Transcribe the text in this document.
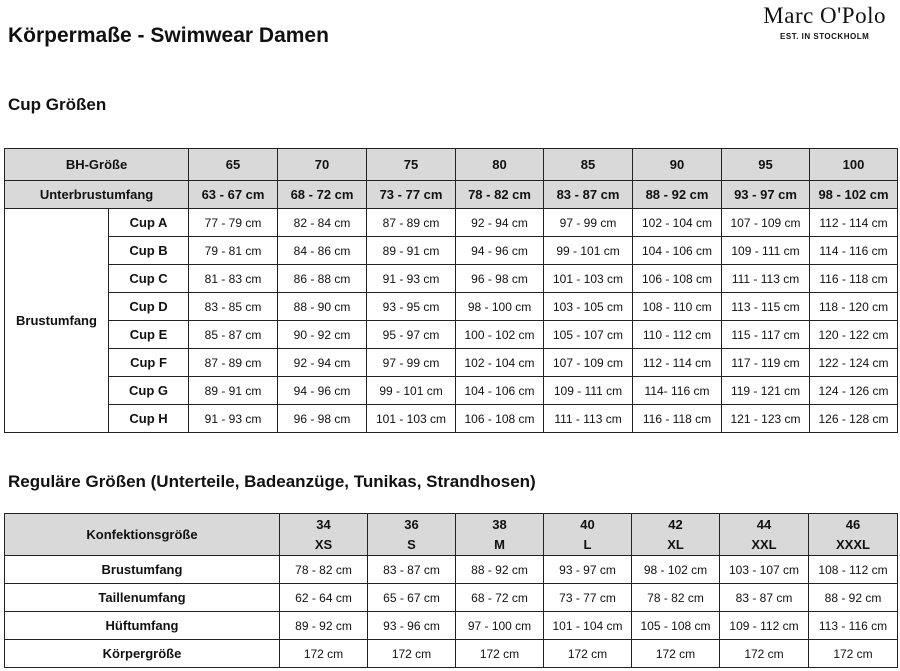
Körpermaße - Swimwear Damen
Marc O'Polo
EST. IN STOCKHOLM
Cup Größen
BH-Größe		65	70	75	80	85	90	95	100
Unterbrustumfang		63 - 67 cm	68 - 72 cm	73 - 77 cm	78 - 82 cm	83 - 87 cm	88 - 92 cm	93 - 97 cm	98 - 102 cm
Brustumfang	Cup A	77 - 79 cm	82 - 84 cm	87 - 89 cm	92 - 94 cm	97 - 99 cm	102 - 104 cm	107 - 109 cm	112 - 114 cm
	Cup B	79 - 81 cm	84 - 86 cm	89 - 91 cm	94 - 96 cm	99 - 101 cm	104 - 106 cm	109 - 111 cm	114 - 116 cm
	Cup C	81 - 83 cm	86 - 88 cm	91 - 93 cm	96 - 98 cm	101 - 103 cm	106 - 108 cm	111 - 113 cm	116 - 118 cm
	Cup D	83 - 85 cm	88 - 90 cm	93 - 95 cm	98 - 100 cm	103 - 105 cm	108 - 110 cm	113 - 115 cm	118 - 120 cm
	Cup E	85 - 87 cm	90 - 92 cm	95 - 97 cm	100 - 102 cm	105 - 107 cm	110 - 112 cm	115 - 117 cm	120 - 122 cm
	Cup F	87 - 89 cm	92 - 94 cm	97 - 99 cm	102 - 104 cm	107 - 109 cm	112 - 114 cm	117 - 119 cm	122 - 124 cm
	Cup G	89 - 91 cm	94 - 96 cm	99 - 101 cm	104 - 106 cm	109 - 111 cm	114- 116 cm	119 - 121 cm	124 - 126 cm
	Cup H	91 - 93 cm	96 - 98 cm	101 - 103 cm	106 - 108 cm	111 - 113 cm	116 - 118 cm	121 - 123 cm	126 - 128 cm
Reguläre Größen (Unterteile, Badeanzüge, Tunikas, Strandhosen)
Konfektionsgröße	34	36	38	40	42	44	46
	XS	S	M	L	XL	XXL	XXXL
Brustumfang	78 - 82 cm	83 - 87 cm	88 - 92 cm	93 - 97 cm	98 - 102 cm	103 - 107 cm	108 - 112 cm
Taillenumfang	62 - 64 cm	65 - 67 cm	68 - 72 cm	73 - 77 cm	78 - 82 cm	83 - 87 cm	88 - 92 cm
Hüftumfang	89 - 92 cm	93 - 96 cm	97 - 100 cm	101 - 104 cm	105 - 108 cm	109 - 112 cm	113 - 116 cm
Körpergröße	172 cm	172 cm	172 cm	172 cm	172 cm	172 cm	172 cm
